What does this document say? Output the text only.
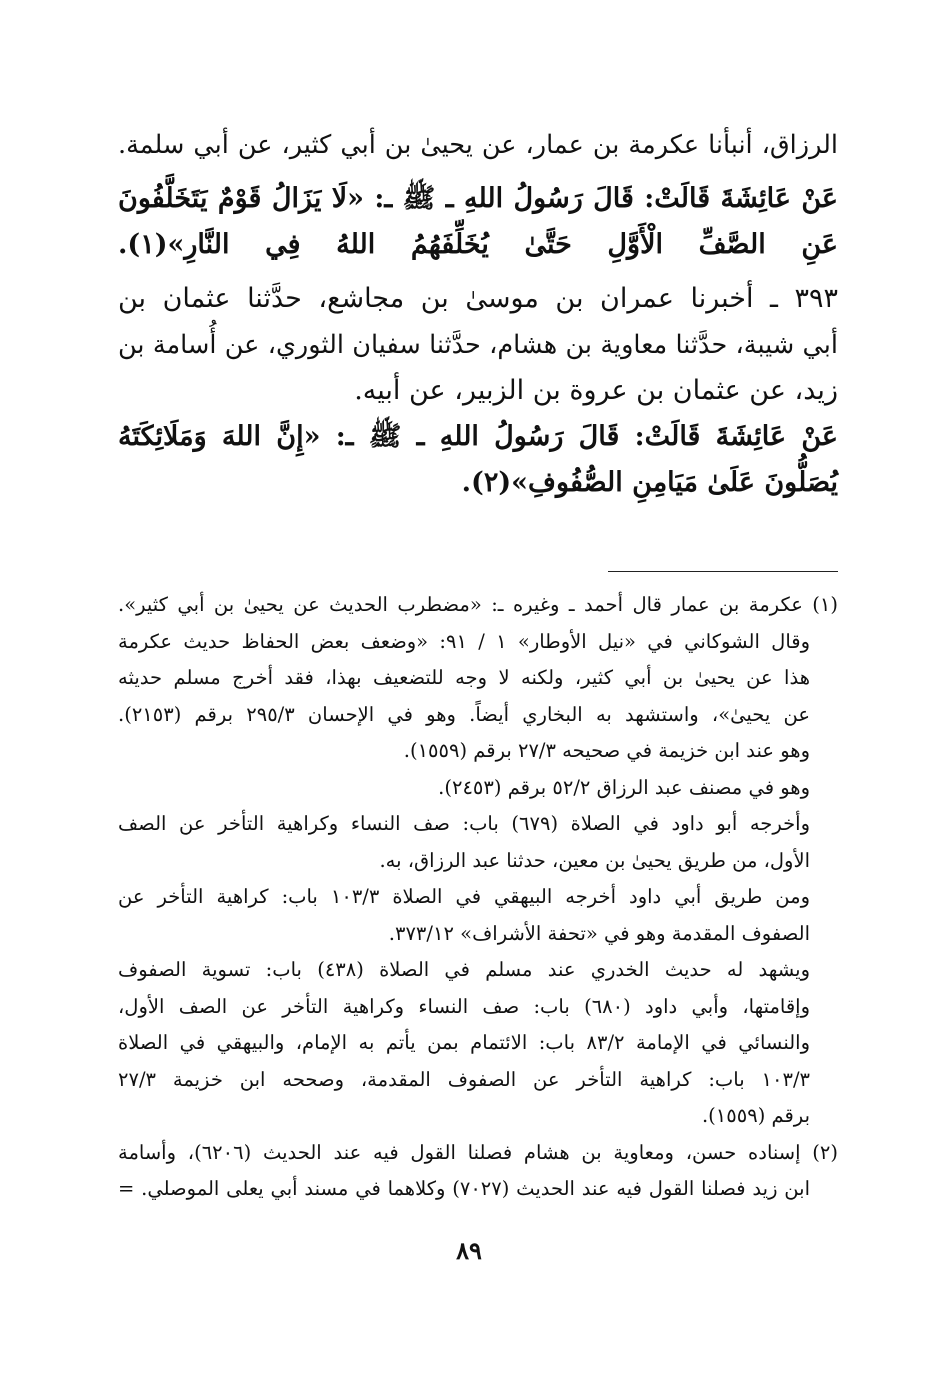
الرزاق، أنبأنا عكرمة بن عمار، عن يحيىٰ بن أبي كثير، عن أبي سلمة.
عَنْ عَائِشَةَ قَالَتْ: قَالَ رَسُولُ اللهِ ـ ﷺ ـ: «لَا يَزَالُ قَوْمٌ يَتَخَلَّفُونَ
عَنِ الصَّفِّ الْأَوَّلِ حَتَّىٰ يُخَلِّفَهُمُ اللهُ فِي النَّارِ»(١).
٣٩٣ ـ أخبرنا عمران بن موسىٰ بن مجاشع، حدَّثنا عثمان بن
أبي شيبة، حدَّثنا معاوية بن هشام، حدَّثنا سفيان الثوري، عن أُسامة بن
زيد، عن عثمان بن عروة بن الزبير، عن أبيه.
عَنْ عَائِشَةَ قَالَتْ: قَالَ رَسُولُ اللهِ ـ ﷺ ـ: «إِنَّ اللهَ وَمَلَائِكَتَهُ
يُصَلُّونَ عَلَىٰ مَيَامِنِ الصُّفُوفِ»(٢).
(١) عكرمة بن عمار قال أحمد ـ وغيره ـ: «مضطرب الحديث عن يحيىٰ بن أبي كثير».
وقال الشوكاني في «نيل الأوطار» ١ / ٩١: «وضعف بعض الحفاظ حديث عكرمة
هذا عن يحيىٰ بن أبي كثير، ولكنه لا وجه للتضعيف بهذا، فقد أخرج مسلم حديثه
عن يحيىٰ»، واستشهد به البخاري أيضاً. وهو في الإحسان ٢٩٥/٣ برقم (٢١٥٣).
وهو عند ابن خزيمة في صحيحه ٢٧/٣ برقم (١٥٥٩).
وهو في مصنف عبد الرزاق ٥٢/٢ برقم (٢٤٥٣).
وأخرجه أبو داود في الصلاة (٦٧٩) باب: صف النساء وكراهية التأخر عن الصف
الأول، من طريق يحيىٰ بن معين، حدثنا عبد الرزاق، به.
ومن طريق أبي داود أخرجه البيهقي في الصلاة ١٠٣/٣ باب: كراهية التأخر عن
الصفوف المقدمة وهو في «تحفة الأشراف» ٣٧٣/١٢.
ويشهد له حديث الخدري عند مسلم في الصلاة (٤٣٨) باب: تسوية الصفوف
وإقامتها، وأبي داود (٦٨٠) باب: صف النساء وكراهية التأخر عن الصف الأول،
والنسائي في الإمامة ٨٣/٢ باب: الائتمام بمن يأتم به الإمام، والبيهقي في الصلاة
١٠٣/٣ باب: كراهية التأخر عن الصفوف المقدمة، وصححه ابن خزيمة ٢٧/٣
برقم (١٥٥٩).
(٢) إسناده حسن، ومعاوية بن هشام فصلنا القول فيه عند الحديث (٦٢٠٦)، وأسامة
ابن زيد فصلنا القول فيه عند الحديث (٧٠٢٧) وكلاهما في مسند أبي يعلى الموصلي. =
٨٩
